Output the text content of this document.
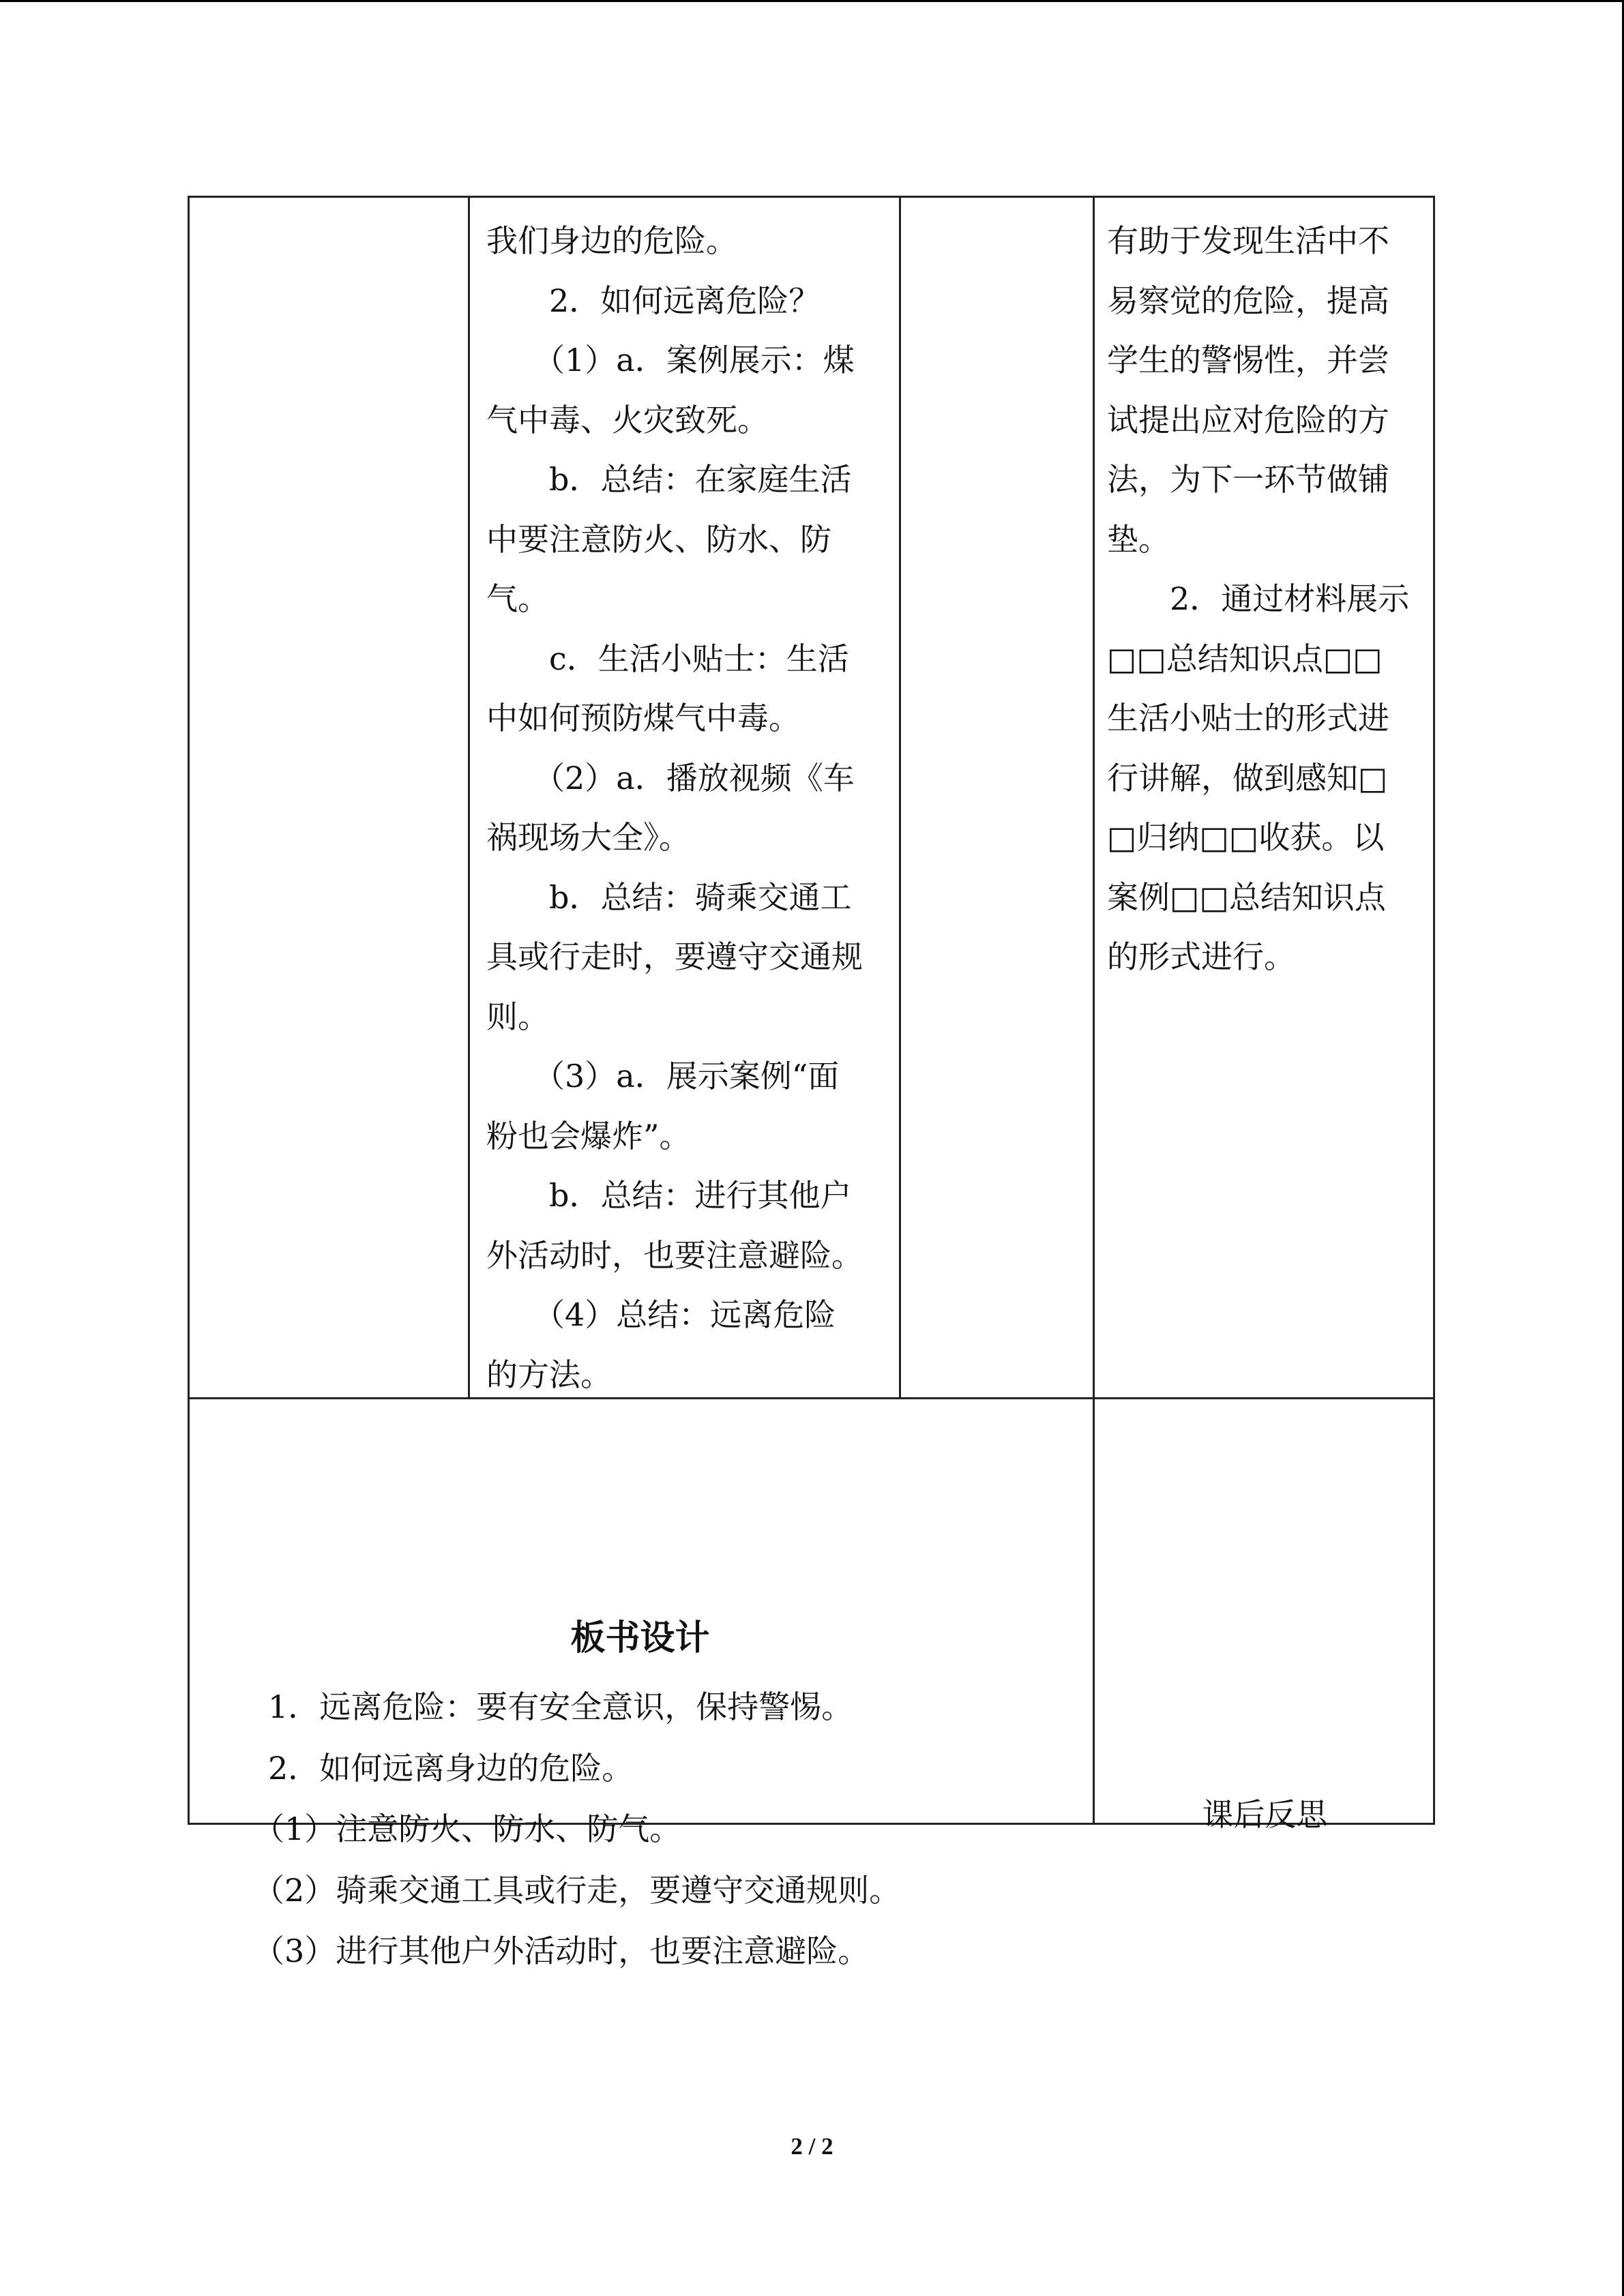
我们身边的危险。

　　2．如何远离危险？

　　（1）a．案例展示：煤

气中毒、火灾致死。

　　b．总结：在家庭生活

中要注意防火、防水、防

气。

　　c．生活小贴士：生活

中如何预防煤气中毒。

　　（2）a．播放视频《车

祸现场大全》。

　　b．总结：骑乘交通工

具或行走时，要遵守交通规

则。

　　（3）a．展示案例“面

粉也会爆炸”。

　　b．总结：进行其他户

外活动时，也要注意避险。

　　（4）总结：远离危险

的方法。

有助于发现生活中不

易察觉的危险，提高

学生的警惕性，并尝

试提出应对危险的方

法，为下一环节做铺

垫。

　　2．通过材料展示

□□总结知识点□□

生活小贴士的形式进

行讲解，做到感知□

□归纳□□收获。以

案例□□总结知识点

的形式进行。

板书设计

1．远离危险：要有安全意识，保持警惕。

2．如何远离身边的危险。

（1）注意防火、防水、防气。

（2）骑乘交通工具或行走，要遵守交通规则。

（3）进行其他户外活动时，也要注意避险。

课后反思
2 / 2
